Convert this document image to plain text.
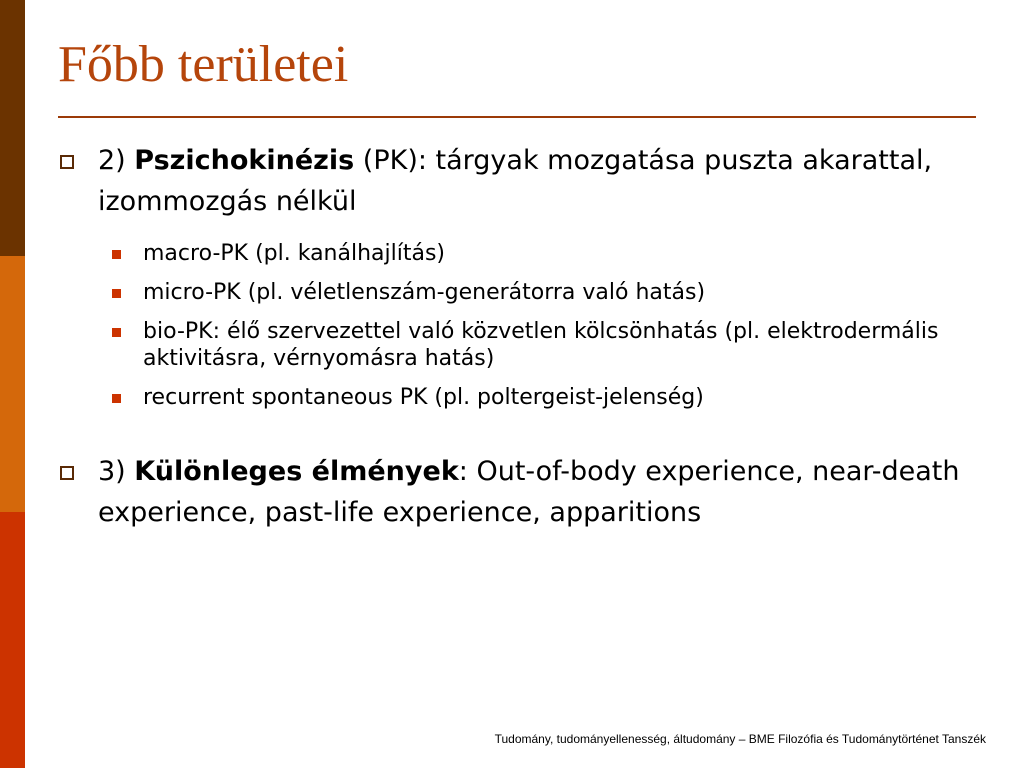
Főbb területei

2) Pszichokinézis (PK): tárgyak mozgatása puszta akarattal, izommozgás nélkül

macro-PK (pl. kanálhajlítás)
micro-PK (pl. véletlenszám-generátorra való hatás)
bio-PK: élő szervezettel való közvetlen kölcsönhatás (pl. elektrodermális aktivitásra, vérnyomásra hatás)
recurrent spontaneous PK (pl. poltergeist-jelenség)

3) Különleges élmények: Out-of-body experience, near-death experience, past-life experience, apparitions

Tudomány, tudományellenesség, áltudomány – BME Filozófia és Tudománytörténet Tanszék
